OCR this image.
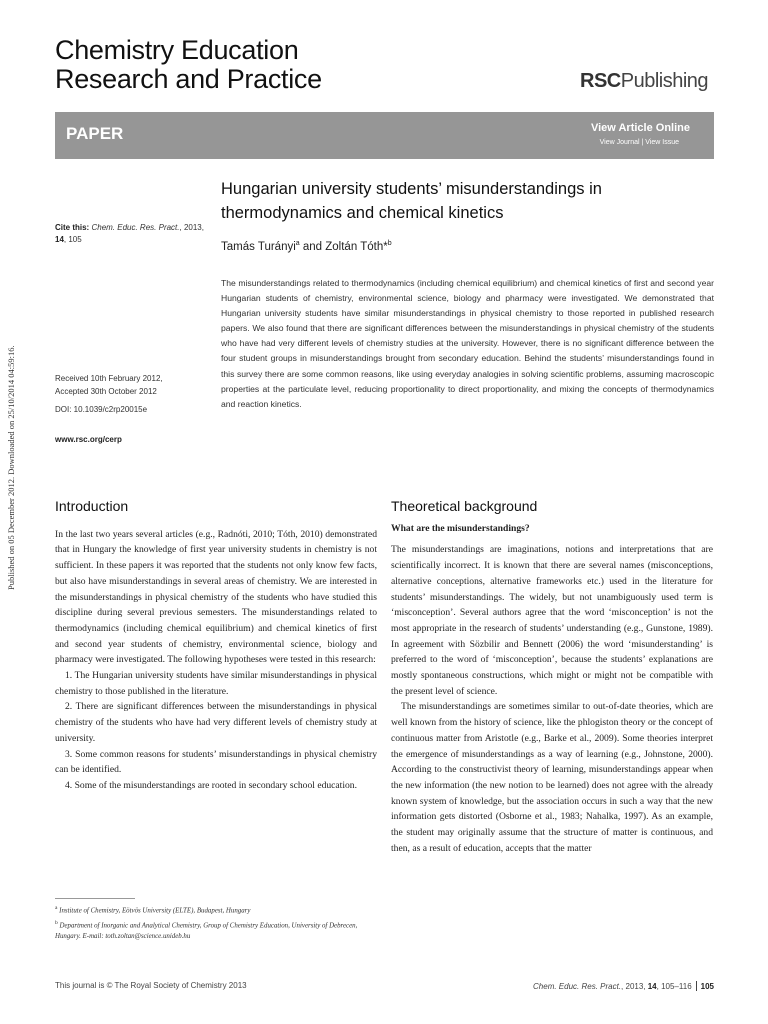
Chemistry Education
Research and Practice	RSCPublishing
PAPER	View Article Online
View Journal | View Issue
Hungarian university students’ misunderstandings in thermodynamics and chemical kinetics
Tamás Turányi$^a$ and Zoltán Tóth*$^b$
Cite this: Chem. Educ. Res. Pract., 2013,
14, 105
Received 10th February 2012,
Accepted 30th October 2012
DOI: 10.1039/c2rp20015e
www.rsc.org/cerp
The misunderstandings related to thermodynamics (including chemical equilibrium) and chemical kinetics of first and second year Hungarian students of chemistry, environmental science, biology and pharmacy were investigated. We demonstrated that Hungarian university students have similar misunderstandings in physical chemistry to those reported in published research papers. We also found that there are significant differences between the misunderstandings in physical chemistry of the students who have had very different levels of chemistry studies at the university. However, there is no significant difference between the four student groups in misunderstandings brought from secondary education. Behind the students’ misunderstandings found in this survey there are some common reasons, like using everyday analogies in solving scientific problems, assuming macroscopic properties at the particulate level, reducing proportionality to direct proportionality, and mixing the concepts of thermodynamics and reaction kinetics.
Published on 05 December 2012. Downloaded on 25/10/2014 04:59:16.	Introduction

In the last two years several articles (e.g., Radnóti, 2010; Tóth, 2010) demonstrated that in Hungary the knowledge of first year university students in chemistry is not sufficient. In these papers it was reported that the students not only know few facts, but also have misunderstandings in several areas of chemistry. We are interested in the misunderstandings in physical chemistry of the students who have studied this discipline during several previous semesters. The misunderstandings related to thermodynamics (including chemical equilibrium) and chemical kinetics of first and second year students of chemistry, environmental science, biology and pharmacy were investigated. The following hypotheses were tested in this research:

1. The Hungarian university students have similar misunderstandings in physical chemistry to those published in the literature.

2. There are significant differences between the misunderstandings in physical chemistry of the students who have had very different levels of chemistry study at university.

3. Some common reasons for students’ misunderstandings in physical chemistry can be identified.

4. Some of the misunderstandings are rooted in secondary school education.

$^a$ Institute of Chemistry, Eötvös University (ELTE), Budapest, Hungary
$^b$ Department of Inorganic and Analytical Chemistry, Group of Chemistry Education, University of Debrecen, Hungary. E-mail: toth.zoltan@science.unideb.hu
Theoretical background
What are the misunderstandings?

The misunderstandings are imaginations, notions and interpretations that are scientifically incorrect. It is known that there are several names (misconceptions, alternative conceptions, alternative frameworks etc.) used in the literature for students’ misunderstandings. The widely, but not unambiguously used term is ‘misconception’. Several authors agree that the word ‘misconception’ is not the most appropriate in the research of students’ understanding (e.g., Gunstone, 1989). In agreement with Sözbilir and Bennett (2006) the word ‘misunderstanding’ is preferred to the word of ‘misconception’, because the students’ explanations are mostly spontaneous constructions, which might or might not be compatible with the present level of science.

The misunderstandings are sometimes similar to out-of-date theories, which are well known from the history of science, like the phlogiston theory or the concept of continuous matter from Aristotle (e.g., Barke et al., 2009). Some theories interpret the emergence of misunderstandings as a way of learning (e.g., Johnstone, 2000). According to the constructivist theory of learning, misunderstandings appear when the new information (the new notion to be learned) does not agree with the already known system of knowledge, but the association occurs in such a way that the new information gets distorted (Osborne et al., 1983; Nahalka, 1997). As an example, the student may originally assume that the structure of matter is continuous, and then, as a result of education, accepts that the matter

This journal is © The Royal Society of Chemistry 2013	Chem. Educ. Res. Pract., 2013, 14, 105–116 105
